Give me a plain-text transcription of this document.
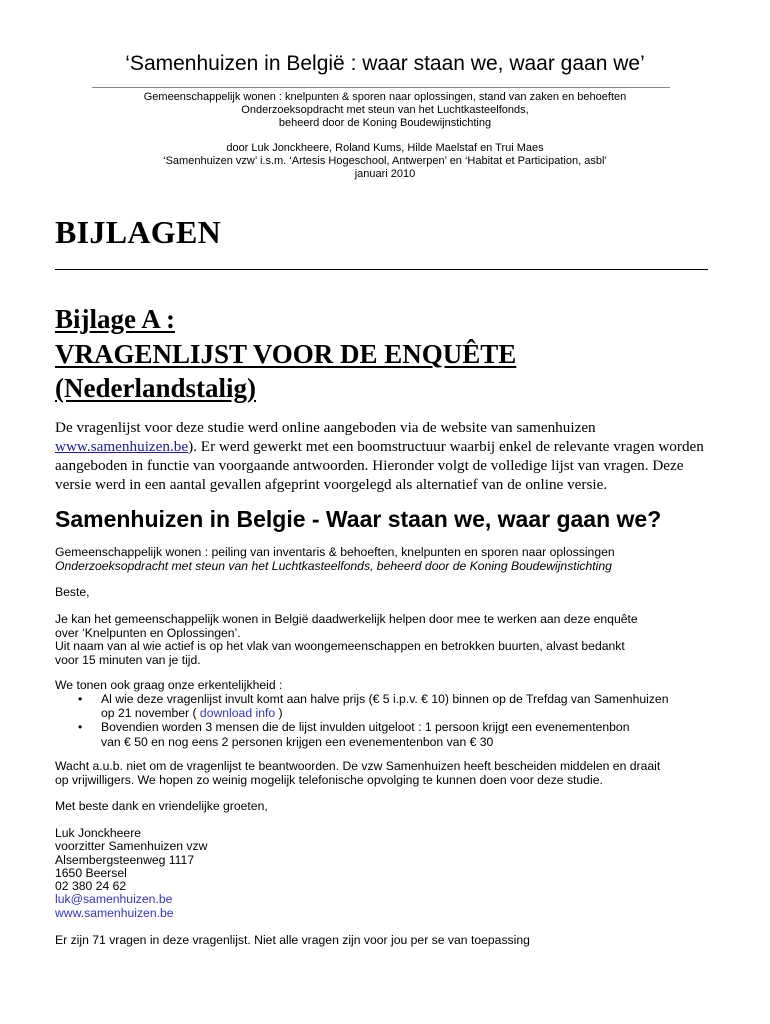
‘Samenhuizen in België : waar staan we, waar gaan we’
Gemeenschappelijk wonen : knelpunten & sporen naar oplossingen, stand van zaken en behoeften
Onderzoeksopdracht met steun van het Luchtkasteelfonds,
beheerd door de Koning Boudewijnstichting
door Luk Jonckheere, Roland Kums, Hilde Maelstaf en Trui Maes
‘Samenhuizen vzw’ i.s.m. ‘Artesis Hogeschool, Antwerpen’ en ‘Habitat et Participation, asbl’
januari 2010
BIJLAGEN
Bijlage A :
VRAGENLIJST VOOR DE ENQUÊTE
(Nederlandstalig)
De vragenlijst voor deze studie werd online aangeboden via de website van samenhuizen www.samenhuizen.be). Er werd gewerkt met een boomstructuur waarbij enkel de relevante vragen worden aangeboden in functie van voorgaande antwoorden. Hieronder volgt de volledige lijst van vragen. Deze versie werd in een aantal gevallen afgeprint voorgelegd als alternatief van de online versie.
Samenhuizen in Belgie - Waar staan we, waar gaan we?
Gemeenschappelijk wonen : peiling van inventaris & behoeften, knelpunten en sporen naar oplossingen
Onderzoeksopdracht met steun van het Luchtkasteelfonds, beheerd door de Koning Boudewijnstichting
Beste,
Je kan het gemeenschappelijk wonen in België daadwerkelijk helpen door mee te werken aan deze enquête
over ‘Knelpunten en Oplossingen’.
Uit naam van al wie actief is op het vlak van woongemeenschappen en betrokken buurten, alvast bedankt
voor 15 minuten van je tijd.
We tonen ook graag onze erkentelijkheid :
• Al wie deze vragenlijst invult komt aan halve prijs (€ 5 i.p.v. € 10) binnen op de Trefdag van Samenhuizen
op 21 november ( download info )
• Bovendien worden 3 mensen die de lijst invulden uitgeloot : 1 persoon krijgt een evenementenbon
van € 50 en nog eens 2 personen krijgen een evenementenbon van € 30
Wacht a.u.b. niet om de vragenlijst te beantwoorden. De vzw Samenhuizen heeft bescheiden middelen en draait
op vrijwilligers. We hopen zo weinig mogelijk telefonische opvolging te kunnen doen voor deze studie.
Met beste dank en vriendelijke groeten,
Luk Jonckheere
voorzitter Samenhuizen vzw
Alsembergsteenweg 1117
1650 Beersel
02 380 24 62
luk@samenhuizen.be
www.samenhuizen.be
Er zijn 71 vragen in deze vragenlijst. Niet alle vragen zijn voor jou per se van toepassing
